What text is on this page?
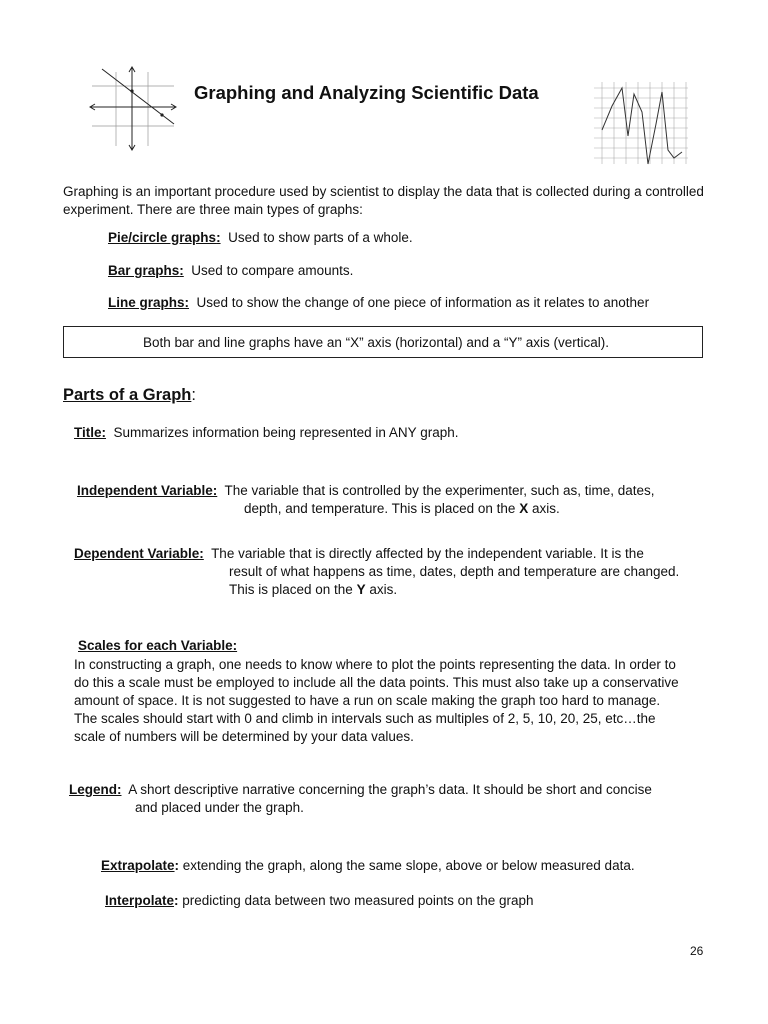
Graphing and Analyzing Scientific Data
Graphing is an important procedure used by scientist to display the data that is collected during a controlled experiment. There are three main types of graphs:
Pie/circle graphs: Used to show parts of a whole.
Bar graphs: Used to compare amounts.
Line graphs: Used to show the change of one piece of information as it relates to another
Both bar and line graphs have an “X” axis (horizontal) and a “Y” axis (vertical).
Parts of a Graph:
Title: Summarizes information being represented in ANY graph.
Independent Variable: The variable that is controlled by the experimenter, such as, time, dates,
depth, and temperature. This is placed on the X axis.
Dependent Variable: The variable that is directly affected by the independent variable. It is the
result of what happens as time, dates, depth and temperature are changed.
This is placed on the Y axis.
Scales for each Variable:
In constructing a graph, one needs to know where to plot the points representing the data. In order to
do this a scale must be employed to include all the data points. This must also take up a conservative
amount of space. It is not suggested to have a run on scale making the graph too hard to manage.
The scales should start with 0 and climb in intervals such as multiples of 2, 5, 10, 20, 25, etc…the
scale of numbers will be determined by your data values.
Legend: A short descriptive narrative concerning the graph’s data. It should be short and concise
and placed under the graph.
Extrapolate: extending the graph, along the same slope, above or below measured data.
Interpolate: predicting data between two measured points on the graph
26
